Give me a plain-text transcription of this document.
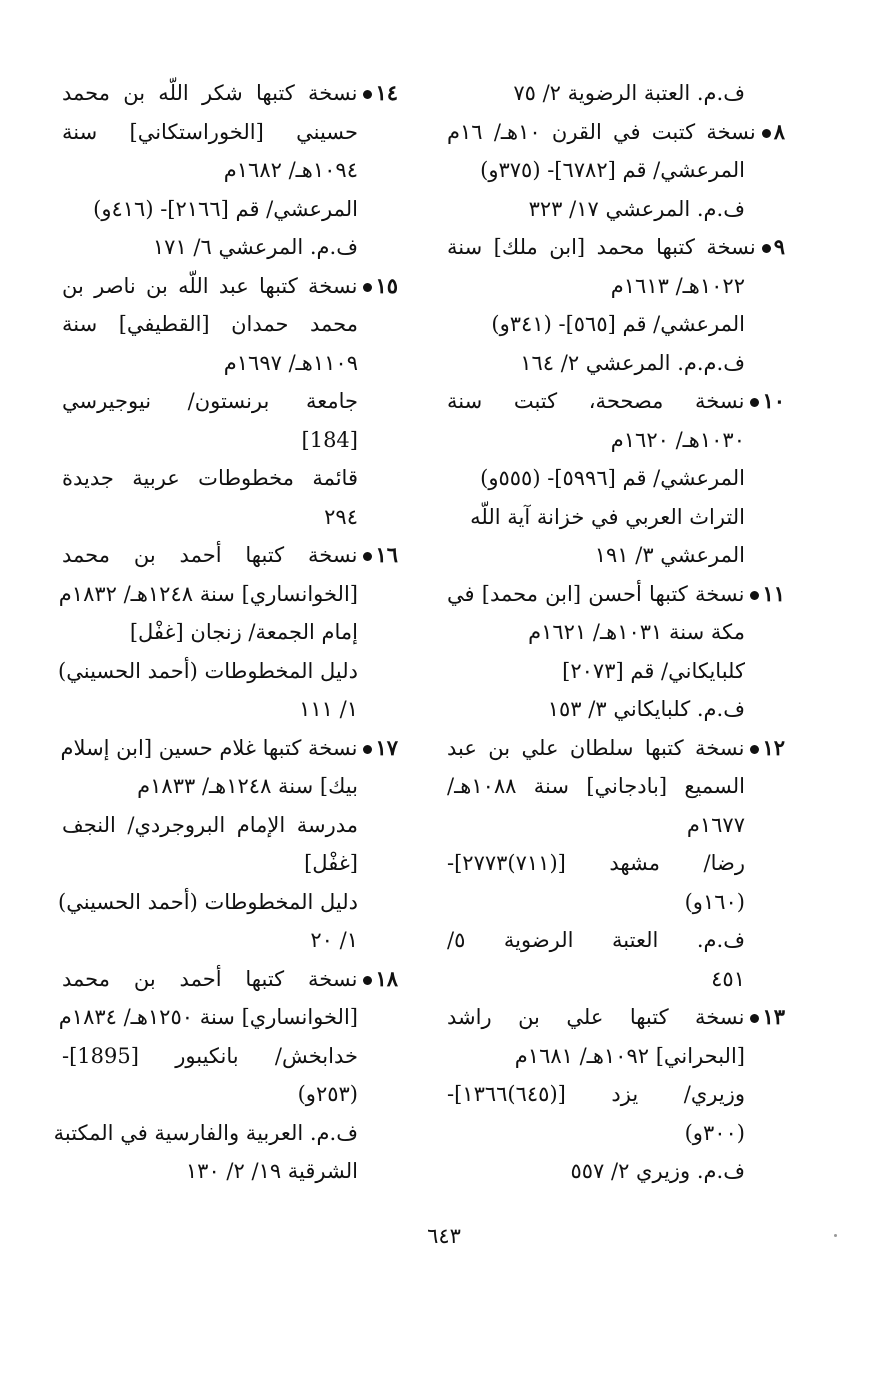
ف.م. العتبة الرضوية ٢/ ٧٥
٨نسخة كتبت في القرن ١٠هـ/ ١٦م
المرعشي/ قم [٦٧٨٢]- (٣٧٥و)
ف.م. المرعشي ١٧/ ٣٢٣
٩نسخة كتبها محمد [ابن ملك] سنة
١٠٢٢هـ/ ١٦١٣م
المرعشي/ قم [٥٦٥]- (٣٤١و)
ف.م.م. المرعشي ٢/ ١٦٤
١٠نسخة مصححة، كتبت سنة
١٠٣٠هـ/ ١٦٢٠م
المرعشي/ قم [٥٩٩٦]- (٥٥٥و)
التراث العربي في خزانة آية اللّه
المرعشي ٣/ ١٩١
١١نسخة كتبها أحسن [ابن محمد] في
مكة سنة ١٠٣١هـ/ ١٦٢١م
كلبايكاني/ قم [٢٠٧٣]
ف.م. كلبايكاني ٣/ ١٥٣
١٢نسخة كتبها سلطان علي بن عبد
السميع [بادجاني] سنة ١٠٨٨هـ/
١٦٧٧م
رضا/ مشهد [(٧١١)٢٧٧٣]-
(١٦٠و)
ف.م. العتبة الرضوية ٥/
٤٥١
١٣نسخة كتبها علي بن راشد
[البحراني] ١٠٩٢هـ/ ١٦٨١م
وزيري/ يزد [(٦٤٥)١٣٦٦]-
(٣٠٠و)
ف.م. وزيري ٢/ ٥٥٧
١٤نسخة كتبها شكر اللّه بن محمد
حسيني [الخوراستكاني] سنة
١٠٩٤هـ/ ١٦٨٢م
المرعشي/ قم [٢١٦٦]- (٤١٦و)
ف.م. المرعشي ٦/ ١٧١
١٥نسخة كتبها عبد اللّه بن ناصر بن
محمد حمدان [القطيفي] سنة
١١٠٩هـ/ ١٦٩٧م
جامعة برنستون/ نيوجيرسي
[184]
قائمة مخطوطات عربية جديدة
٢٩٤
١٦نسخة كتبها أحمد بن محمد
[الخوانساري] سنة ١٢٤٨هـ/ ١٨٣٢م
إمام الجمعة/ زنجان [غفْل]
دليل المخطوطات (أحمد الحسيني)
١/ ١١١
١٧نسخة كتبها غلام حسين [ابن إسلام
بيك] سنة ١٢٤٨هـ/ ١٨٣٣م
مدرسة الإمام البروجردي/ النجف
[غفْل]
دليل المخطوطات (أحمد الحسيني)
١/ ٢٠
١٨نسخة كتبها أحمد بن محمد
[الخوانساري] سنة ١٢٥٠هـ/ ١٨٣٤م
خدابخش/ بانكيبور [1895]-
(٢٥٣و)
ف.م. العربية والفارسية في المكتبة
الشرقية ١٩/ ٢/ ١٣٠
٦٤٣
